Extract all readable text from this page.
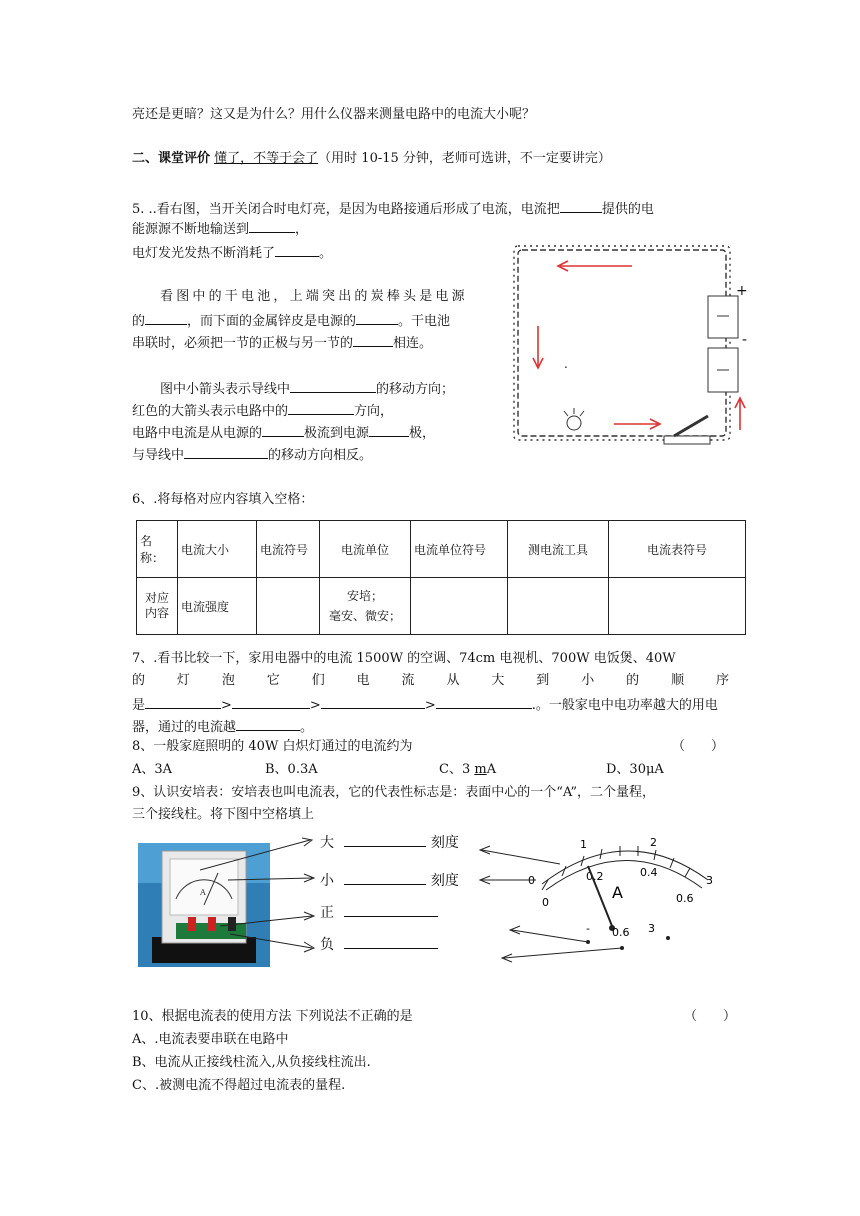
亮还是更暗？这又是为什么？用什么仪器来测量电路中的电流大小呢？
二、课堂评价 懂了，不等于会了（用时 10-15 分钟，老师可选讲，不一定要讲完）
5. ..看右图，当开关闭合时电灯亮，是因为电路接通后形成了电流，电流把	提供的电
能源源不断地输送到	，
电灯发光发热不断消耗了	。
看图中的干电池，上端突出的炭棒头是电源
的	，而下面的金属锌皮是电源的	。干电池
串联时，必须把一节的正极与另一节的	相连。
图中小箭头表示导线中	的移动方向；
红色的大箭头表示电路中的	方向，
电路中电流是从电源的	极流到电源	极，
与导线中	的移动方向相反。
+
-
.
6、.将每格对应内容填入空格：
名称：	电流大小	电流符号	电流单位	电流单位符号	测电流工具	电流表符号
对应
内容	电流强度		安培；
毫安、微安；			
7、.看书比较一下，家用电器中的电流 1500W 的空调、74cm 电视机、700W 电饭煲、40W
的 灯 泡 它 们 电 流 从 大 到 小 的 顺 序
是	>	>	>	.。一般家电中电功率越大的用电
器，通过的电流越	。
8、一般家庭照明的 40W 白炽灯通过的电流约为	（　　）
A、3A	B、0.3A	C、3 mA	D、30μA
9、认识安培表：安培表也叫电流表，它的代表性标志是：表面中心的一个“A”，二个量程，
三个接线柱。将下图中空格填上
A
大	刻度
小	刻度
正
负
0
1	2
3
0
0.2	0.4
0.6
A
- 0.6 3
10、根据电流表的使用方法 下列说法不正确的是	（　　）
A、.电流表要串联在电路中
B、电流从正接线柱流入,从负接线柱流出.
C、.被测电流不得超过电流表的量程.
